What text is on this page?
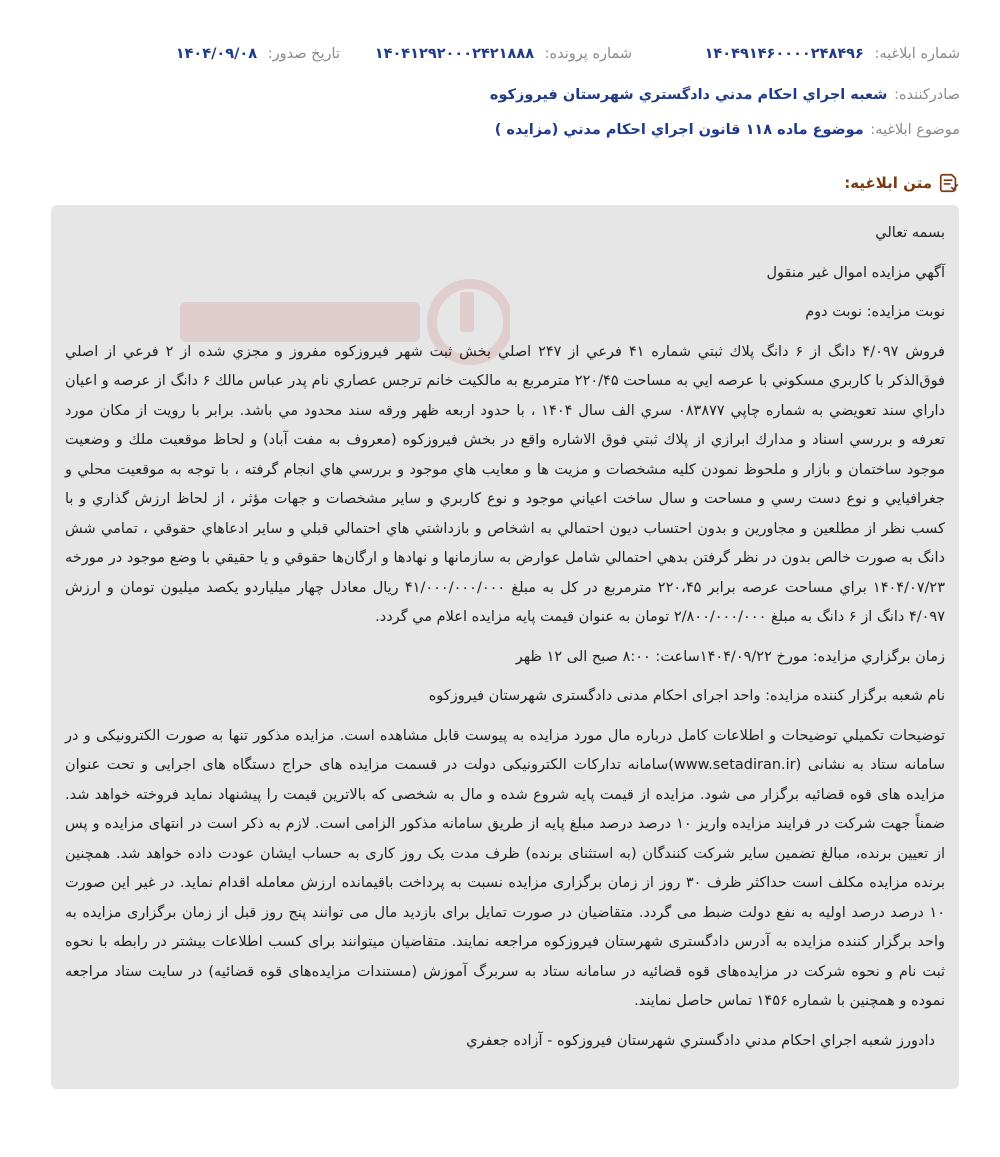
شماره ابلاغيه: ۱۴۰۴۹۱۴۶۰۰۰۰۲۴۸۴۹۶
شماره پرونده: ۱۴۰۴۱۲۹۲۰۰۰۲۴۲۱۸۸۸
تاريخ صدور: ۱۴۰۴/۰۹/۰۸
صادرکننده: شعبه اجراي احكام مدني دادگستري شهرستان فيروزكوه
موضوع ابلاغيه: موضوع ماده ۱۱۸ قانون اجراي احكام مدني (مزايده )
متن ابلاغيه:

بسمه تعالي

آگهي مزايده اموال غير منقول

نوبت مزايده: نوبت دوم

فروش ۴/۰۹۷ دانگ از ۶ دانگ پلاك ثبتي شماره ۴۱ فرعي از ۲۴۷ اصلي بخش ثبت شهر فيروزكوه مفروز و مجزي شده از ۲ فرعي از اصلي فوق‌الذكر با كاربري مسكوني با عرصه ايي به مساحت ۲۲۰/۴۵ مترمربع به مالكيت خانم ترجس عصاري نام پدر عباس مالك ۶ دانگ از عرصه و اعيان داراي سند تعويضي به شماره چاپي ۰۸۳۸۷۷ سري الف سال ۱۴۰۴ ، با حدود اربعه ظهر ورقه سند محدود مي باشد. برابر با رويت از مكان مورد تعرفه و بررسي اسناد و مدارك ابرازي از پلاك ثبتي فوق الاشاره واقع در بخش فيروزكوه (معروف به مفت آباد) و لحاظ موقعيت ملك و وضعيت موجود ساختمان و بازار و ملحوظ نمودن كليه مشخصات و مزيت ها و معايب هاي موجود و بررسي هاي انجام گرفته ، با توجه به موقعيت محلي و جغرافيايي و نوع دست رسي و مساحت و سال ساخت اعياني موجود و نوع كاربري و ساير مشخصات و جهات مؤثر ، از لحاظ ارزش گذاري و با كسب نظر از مطلعين و مجاورين و بدون احتساب ديون احتمالي به اشخاص و بازداشتي هاي احتمالي قبلي و ساير ادعاهاي حقوقي ، تمامي شش دانگ به صورت خالص بدون در نظر گرفتن بدهي احتمالي شامل عوارض به سازمانها و نهادها و ارگان‌ها حقوقي و يا حقيقي با وضع موجود در مورخه ۱۴۰۴/۰۷/۲۳ براي مساحت عرصه برابر ۲۲۰،۴۵ مترمربع در كل به مبلغ ۴۱/۰۰۰/۰۰۰/۰۰۰ ريال معادل چهار ميلياردو يكصد ميليون تومان و ارزش ۴/۰۹۷ دانگ از ۶ دانگ به مبلغ ۲/۸۰۰/۰۰۰/۰۰۰ تومان به عنوان قيمت پايه مزايده اعلام مي گردد.

زمان برگزاري مزايده: مورخ ۱۴۰۴/۰۹/۲۲ساعت: ۸:۰۰ صبح الی ۱۲ ظهر

نام شعبه برگزار كننده مزايده: واحد اجرای احکام مدنی دادگستری شهرستان فيروزكوه

توضيحات تكميلي توضیحات و اطلاعات کامل درباره مال مورد مزایده به پیوست قابل مشاهده است. مزایده مذکور تنها به صورت الکترونیکی و در سامانه ستاد به نشانی (www.setadiran.ir)سامانه تدارکات الکترونیکی دولت در قسمت مزایده های حراج دستگاه های اجرایی و تحت عنوان مزایده های قوه قضائیه برگزار می شود. مزایده از قیمت پایه شروع شده و مال به شخصی که بالاترین قیمت را پیشنهاد نماید فروخته خواهد شد. ضمناً جهت شرکت در فرایند مزایده واریز ۱۰ درصد درصد مبلغ پایه از طریق سامانه مذکور الزامی است. لازم به ذکر است در انتهای مزایده و پس از تعیین برنده، مبالغ تضمین سایر شرکت کنندگان (به استثنای برنده) ظرف مدت یک روز کاری به حساب ایشان عودت داده خواهد شد. همچنین برنده مزایده مکلف است حداکثر ظرف ۳۰ روز از زمان برگزاری مزایده نسبت به پرداخت باقیمانده ارزش معامله اقدام نماید. در غیر این صورت ۱۰ درصد درصد اولیه به نفع دولت ضبط می گردد. متقاضیان در صورت تمایل برای بازدید مال می توانند پنج روز قبل از زمان برگزاری مزایده به واحد برگزار کننده مزایده به آدرس دادگستری شهرستان فيروزكوه مراجعه نمایند. متقاضیان میتوانند برای کسب اطلاعات بیشتر در رابطه با نحوه ثبت نام و نحوه شرکت در مزایده‌های قوه قضائیه در سامانه ستاد به سربرگ آموزش (مستندات مزایده‌های قوه قضائیه) در سایت ستاد مراجعه نموده و همچنین با شماره ۱۴۵۶ تماس حاصل نمایند.

دادورز شعبه اجراي احكام مدني دادگستري شهرستان فيروزكوه - آزاده جعفري
